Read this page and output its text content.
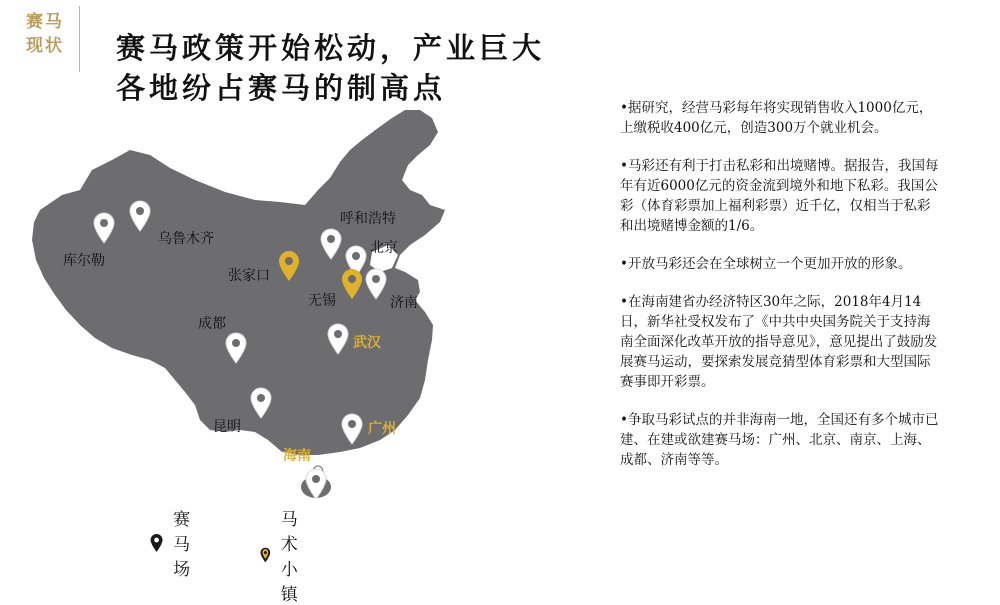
赛马
现状	赛马政策开始松动，产业巨大
各地纷占赛马的制高点
库尔勒
乌鲁木齐
呼和浩特
北京
张家口
无锡	济南
成都
武汉
昆明	广州
海南
赛马场
马术小镇
•据研究，经营马彩每年将实现销售收入1000亿元，上缴税收400亿元，创造300万个就业机会。
•马彩还有利于打击私彩和出境赌博。据报告，我国每年有近6000亿元的资金流到境外和地下私彩。我国公彩（体育彩票加上福利彩票）近千亿，仅相当于私彩和出境赌博金额的1/6。
•开放马彩还会在全球树立一个更加开放的形象。
•在海南建省办经济特区30年之际，2018年4月14日，新华社受权发布了《中共中央国务院关于支持海南全面深化改革开放的指导意见》，意见提出了鼓励发展赛马运动，要探索发展竞猜型体育彩票和大型国际赛事即开彩票。
•争取马彩试点的并非海南一地，全国还有多个城市已建、在建或欲建赛马场：广州、北京、南京、上海、成都、济南等等。
